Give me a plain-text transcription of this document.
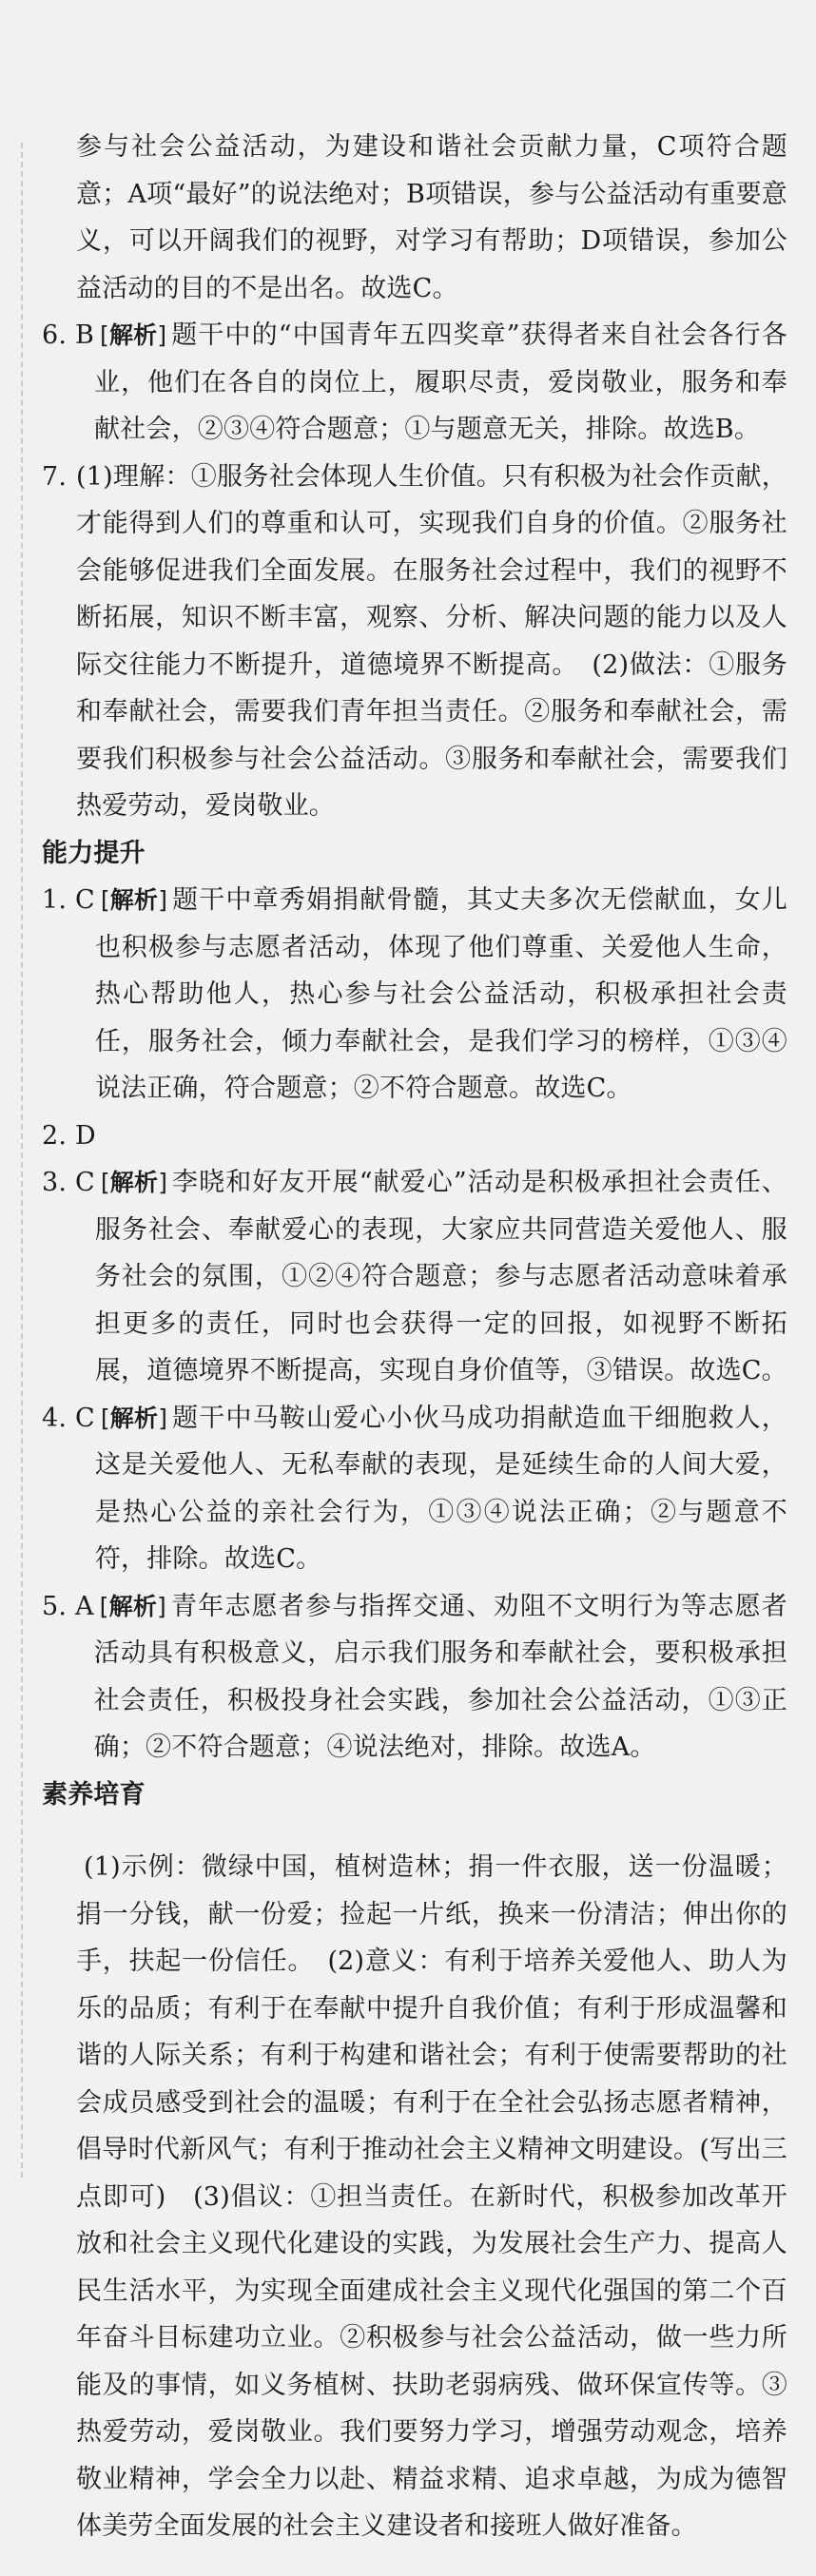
参与社会公益活动，为建设和谐社会贡献力量，C项符合题意；A项“最好”的说法绝对；B项错误，参与公益活动有重要意义，可以开阔我们的视野，对学习有帮助；D项错误，参加公益活动的目的不是出名。故选C。

6. B [解析] 题干中的“中国青年五四奖章”获得者来自社会各行各业，他们在各自的岗位上，履职尽责，爱岗敬业，服务和奉献社会，②③④符合题意；①与题意无关，排除。故选B。
7. (1)理解：①服务社会体现人生价值。只有积极为社会作贡献，才能得到人们的尊重和认可，实现我们自身的价值。②服务社会能够促进我们全面发展。在服务社会过程中，我们的视野不断拓展，知识不断丰富，观察、分析、解决问题的能力以及人际交往能力不断提升，道德境界不断提高。　(2)做法：①服务和奉献社会，需要我们青年担当责任。②服务和奉献社会，需要我们积极参与社会公益活动。③服务和奉献社会，需要我们热爱劳动，爱岗敬业。

能力提升

1. C [解析] 题干中章秀娟捐献骨髓，其丈夫多次无偿献血，女儿也积极参与志愿者活动，体现了他们尊重、关爱他人生命，热心帮助他人，热心参与社会公益活动，积极承担社会责任，服务社会，倾力奉献社会，是我们学习的榜样，①③④说法正确，符合题意；②不符合题意。故选C。
2. D
3. C [解析] 李晓和好友开展“献爱心”活动是积极承担社会责任、服务社会、奉献爱心的表现，大家应共同营造关爱他人、服务社会的氛围，①②④符合题意；参与志愿者活动意味着承担更多的责任，同时也会获得一定的回报，如视野不断拓展，道德境界不断提高，实现自身价值等，③错误。故选C。
4. C [解析] 题干中马鞍山爱心小伙马成功捐献造血干细胞救人，这是关爱他人、无私奉献的表现，是延续生命的人间大爱，是热心公益的亲社会行为，①③④说法正确；②与题意不符，排除。故选C。
5. A [解析] 青年志愿者参与指挥交通、劝阻不文明行为等志愿者活动具有积极意义，启示我们服务和奉献社会，要积极承担社会责任，积极投身社会实践，参加社会公益活动，①③正确；②不符合题意；④说法绝对，排除。故选A。

素养培育

(1)示例：微绿中国，植树造林；捐一件衣服，送一份温暖；捐一分钱，献一份爱；捡起一片纸，换来一份清洁；伸出你的手，扶起一份信任。　(2)意义：有利于培养关爱他人、助人为乐的品质；有利于在奉献中提升自我价值；有利于形成温馨和谐的人际关系；有利于构建和谐社会；有利于使需要帮助的社会成员感受到社会的温暖；有利于在全社会弘扬志愿者精神，倡导时代新风气；有利于推动社会主义精神文明建设。(写出三点即可)　(3)倡议：①担当责任。在新时代，积极参加改革开放和社会主义现代化建设的实践，为发展社会生产力、提高人民生活水平，为实现全面建成社会主义现代化强国的第二个百年奋斗目标建功立业。②积极参与社会公益活动，做一些力所能及的事情，如义务植树、扶助老弱病残、做环保宣传等。③热爱劳动，爱岗敬业。我们要努力学习，增强劳动观念，培养敬业精神，学会全力以赴、精益求精、追求卓越，为成为德智体美劳全面发展的社会主义建设者和接班人做好准备。
